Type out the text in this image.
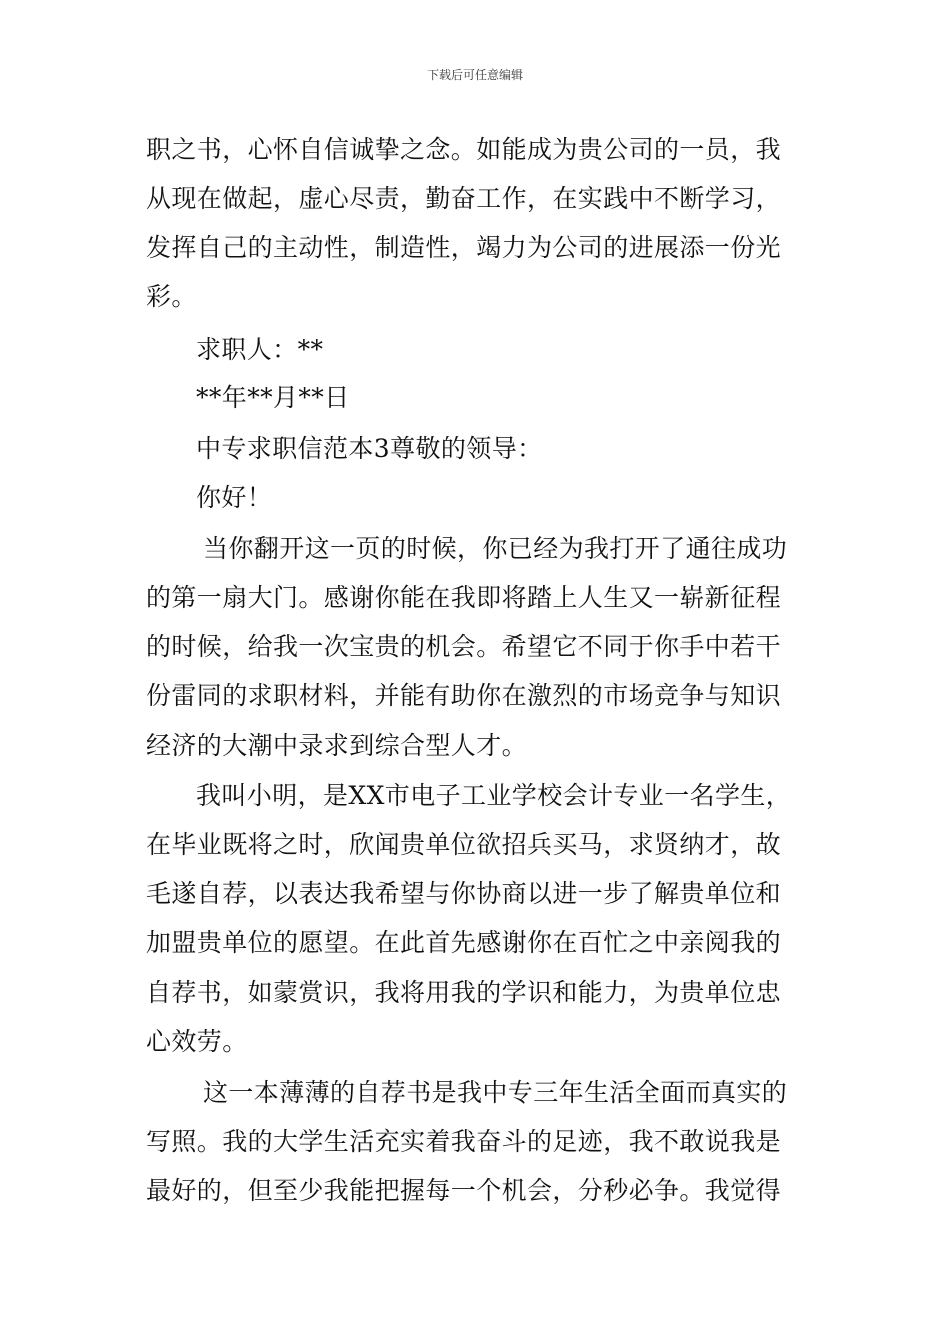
下载后可任意编辑
职之书，心怀自信诚挚之念。如能成为贵公司的一员，我
从现在做起，虚心尽责，勤奋工作，在实践中不断学习，
发挥自己的主动性，制造性，竭力为公司的进展添一份光
彩。
求职人：**
**年**月**日
中专求职信范本3尊敬的领导：
你好！
当你翻开这一页的时候，你已经为我打开了通往成功
的第一扇大门。感谢你能在我即将踏上人生又一崭新征程
的时候，给我一次宝贵的机会。希望它不同于你手中若干
份雷同的求职材料，并能有助你在激烈的市场竞争与知识
经济的大潮中录求到综合型人才。
我叫小明，是XX市电子工业学校会计专业一名学生，
在毕业既将之时，欣闻贵单位欲招兵买马，求贤纳才，故
毛遂自荐，以表达我希望与你协商以进一步了解贵单位和
加盟贵单位的愿望。在此首先感谢你在百忙之中亲阅我的
自荐书，如蒙赏识，我将用我的学识和能力，为贵单位忠
心效劳。
这一本薄薄的自荐书是我中专三年生活全面而真实的
写照。我的大学生活充实着我奋斗的足迹，我不敢说我是
最好的，但至少我能把握每一个机会，分秒必争。我觉得
